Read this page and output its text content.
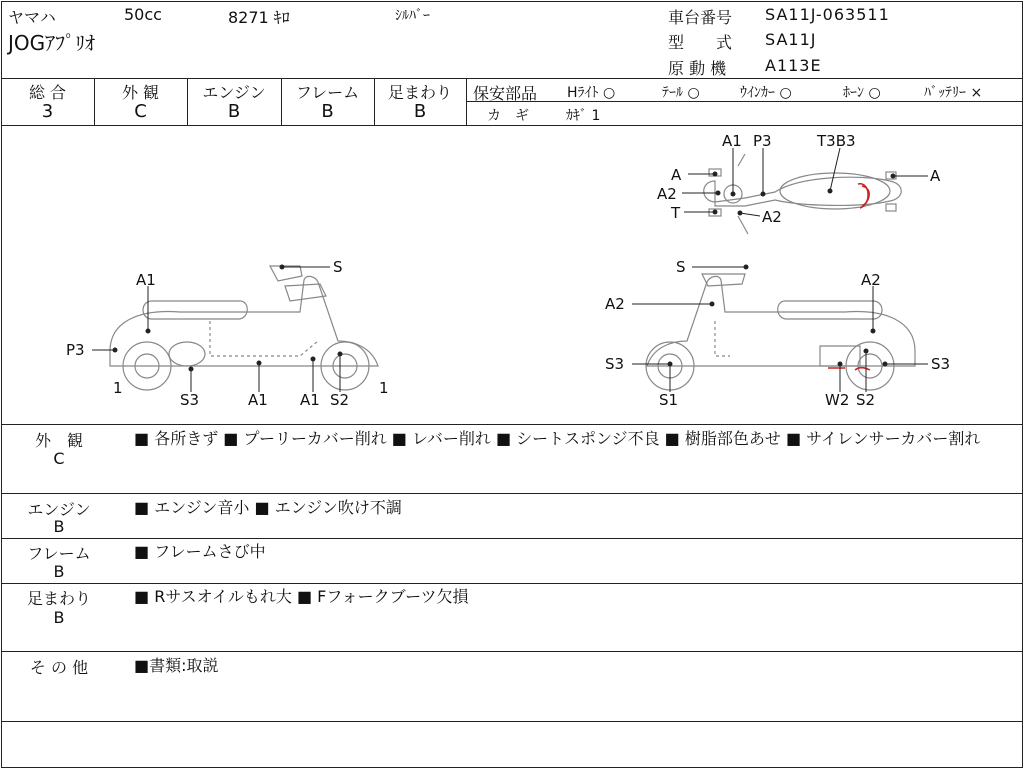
ヤマハ	50cc	8271 ｷﾛ	ｼﾙﾊﾞｰ
JOGｱﾌﾟﾘｵ
車台番号 SA11J-063511
型　　式 SA11J
原 動 機 A113E
総 合
3
外 観
C
エンジン
B
フレーム
B
足まわり
B
保安部品 Hﾗｲﾄ ○	ﾃｰﾙ ○	ｳｲﾝｶｰ ○	ﾎｰﾝ ○	ﾊﾞｯﾃﾘｰ ×
カ　ギ	ｶｷﾞ 1
A1 P3	T3B3
A
A2
T	A2
A
S
A1
P3
1
S3	A1 A1 S2
1
S
A2
A2
S3
S1	W2 S2
S3
外　観
C
■ 各所きず ■ プーリーカバー削れ ■ レバー削れ ■ シートスポンジ不良 ■ 樹脂部色あせ ■ サイレンサーカバー割れ
エンジン
B
■ エンジン音小 ■ エンジン吹け不調
フレーム
B
■ フレームさび中
足まわり
B
■ Rサスオイルもれ大 ■ Fフォークブーツ欠損
そ の 他	■書類:取説
